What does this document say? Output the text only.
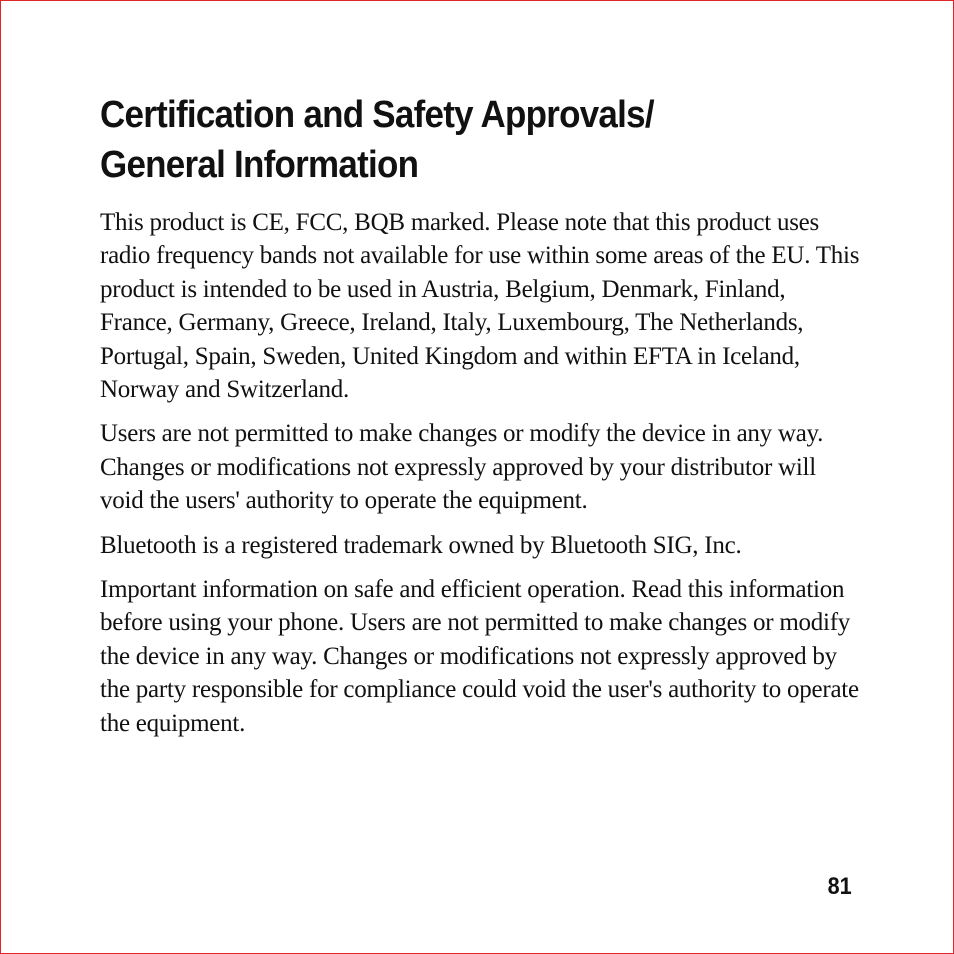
Certification and Safety Approvals/
General Information

This product is CE, FCC, BQB marked. Please note that this product uses radio frequency bands not available for use within some areas of the EU. This product is intended to be used in Austria, Belgium, Denmark, Finland, France, Germany, Greece, Ireland, Italy, Luxembourg, The Netherlands, Portugal, Spain, Sweden, United Kingdom and within EFTA in Iceland, Norway and Switzerland.

Users are not permitted to make changes or modify the device in any way. Changes or modifications not expressly approved by your distributor will void the users' authority to operate the equipment.

Bluetooth is a registered trademark owned by Bluetooth SIG, Inc.

Important information on safe and efficient operation. Read this information before using your phone. Users are not permitted to make changes or modify the device in any way. Changes or modifications not expressly approved by the party responsible for compliance could void the user's authority to operate the equipment.

81
